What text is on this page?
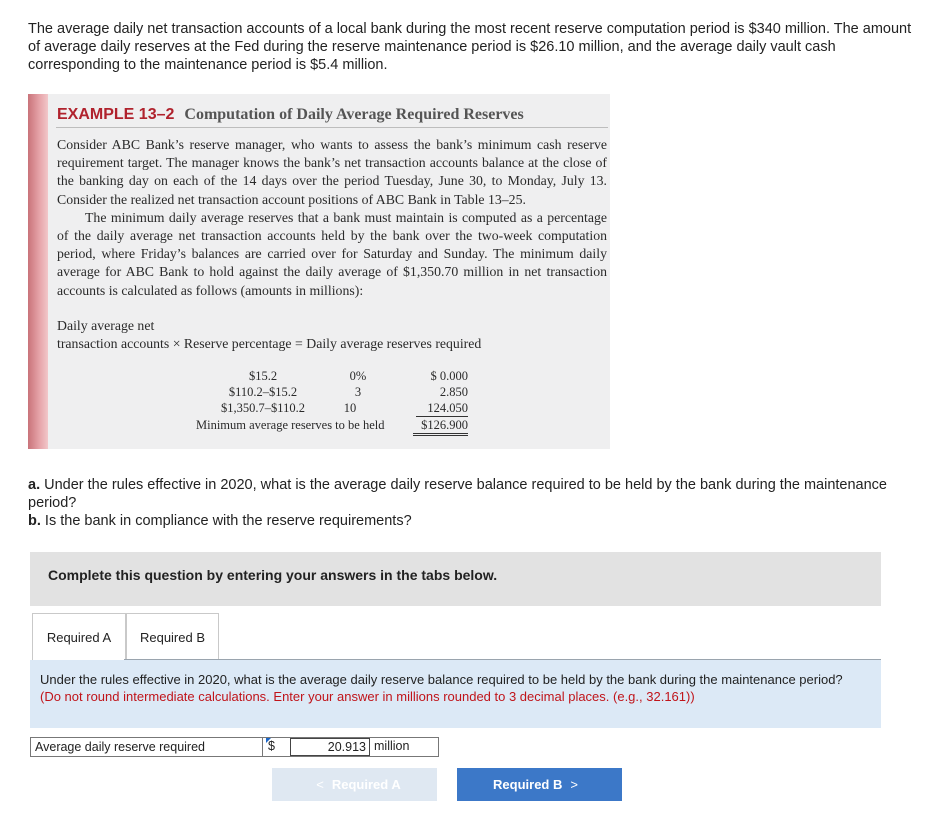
The average daily net transaction accounts of a local bank during the most recent reserve computation period is $340 million. The amount of average daily reserves at the Fed during the reserve maintenance period is $26.10 million, and the average daily vault cash corresponding to the maintenance period is $5.4 million.
EXAMPLE 13–2 Computation of Daily Average Required Reserves

Consider ABC Bank’s reserve manager, who wants to assess the bank’s minimum cash reserve requirement target. The manager knows the bank’s net transaction accounts balance at the close of the banking day on each of the 14 days over the period Tuesday, June 30, to Monday, July 13. Consider the realized net transaction account positions of ABC Bank in Table 13–25.

The minimum daily average reserves that a bank must maintain is computed as a percentage of the daily average net transaction accounts held by the bank over the two-week computation period, where Friday’s balances are carried over for Saturday and Sunday. The minimum daily average for ABC Bank to hold against the daily average of $1,350.70 million in net transaction accounts is calculated as follows (amounts in millions):

Daily average net
transaction accounts × Reserve percentage = Daily average reserves required
$15.2	0%	$ 0.000
$110.2–$15.2	3	2.850
$1,350.7–$110.2	10	124.050
Minimum average reserves to be held	$126.900
a. Under the rules effective in 2020, what is the average daily reserve balance required to be held by the bank during the maintenance period?
b. Is the bank in compliance with the reserve requirements?
Complete this question by entering your answers in the tabs below.
Required A	Required B
Under the rules effective in 2020, what is the average daily reserve balance required to be held by the bank during the maintenance period? (Do not round intermediate calculations. Enter your answer in millions rounded to 3 decimal places. (e.g., 32.161))
Average daily reserve required	$	20.913 million
< Required A	Required B >
